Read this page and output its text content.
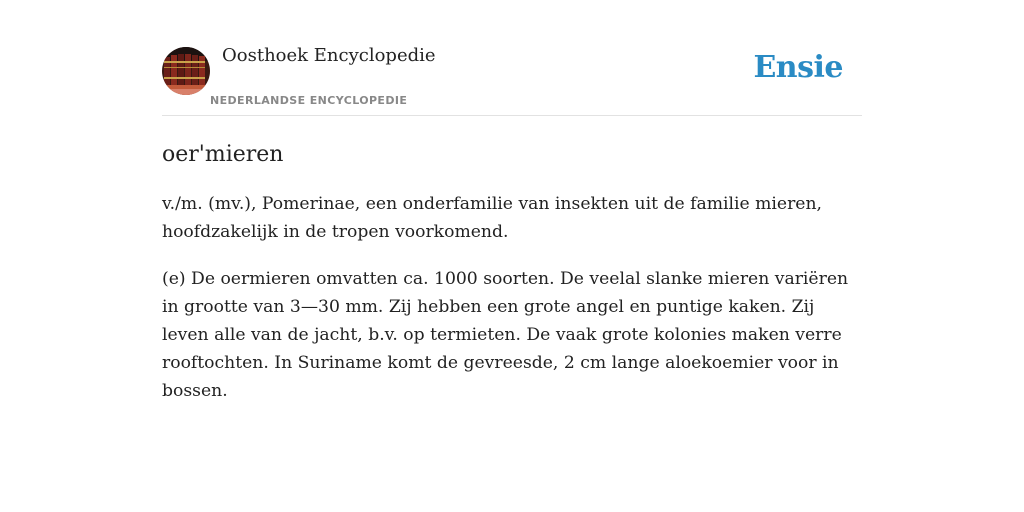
Oosthoek Encyclopedie
NEDERLANDSE ENCYCLOPEDIE
Ensie
oer'mieren

v./m. (mv.), Pomerinae, een onderfamilie van insekten uit de familie mieren, hoofdzakelijk in de tropen voorkomend.

(e) De oermieren omvatten ca. 1000 soorten. De veelal slanke mieren variëren in grootte van 3—30 mm. Zij hebben een grote angel en puntige kaken. Zij leven alle van de jacht, b.v. op termieten. De vaak grote kolonies maken verre rooftochten. In Suriname komt de gevreesde, 2 cm lange aloekoemier voor in bossen.
